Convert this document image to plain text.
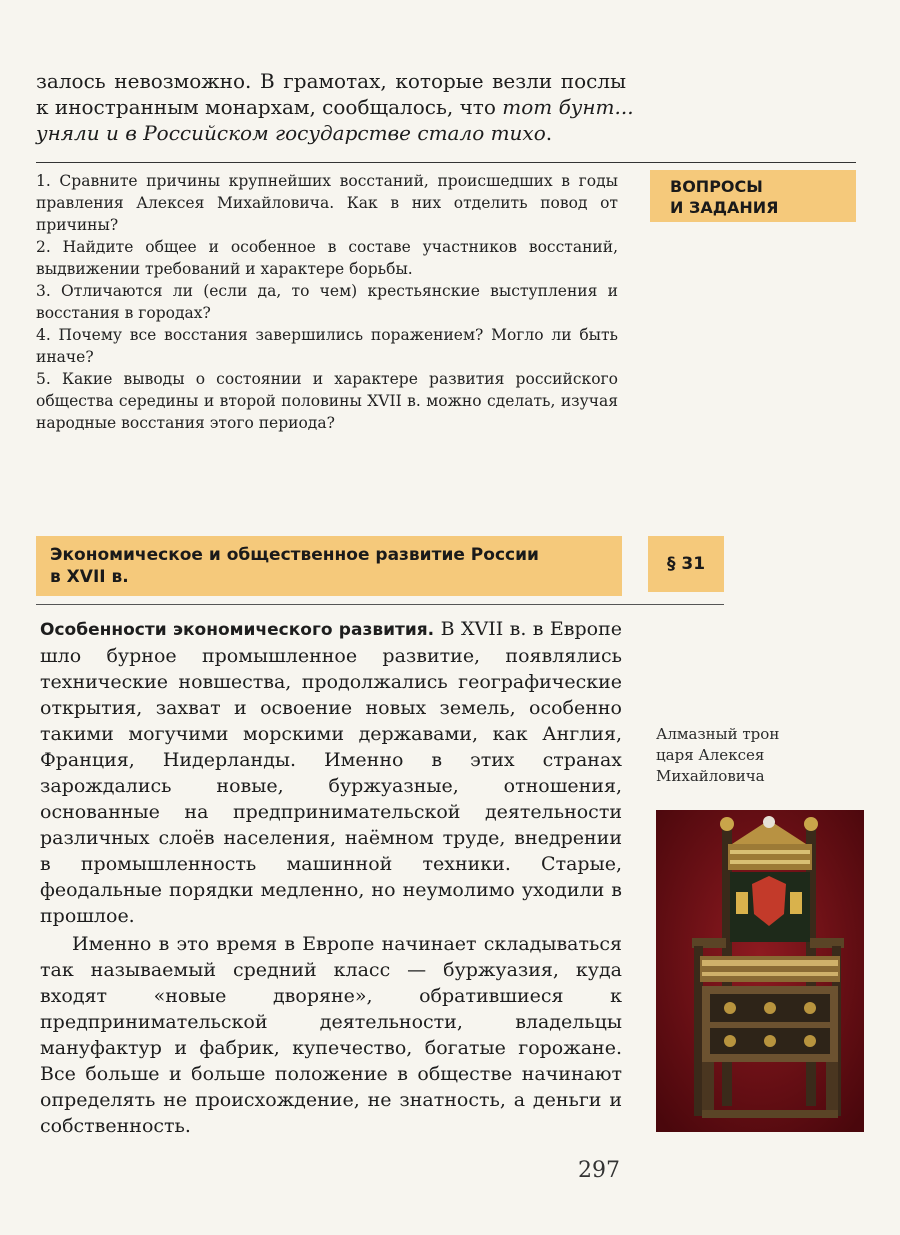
залось невозможно. В грамотах, которые везли послы
к иностранным монархам, сообщалось, что тот бунт...
уняли и в Российском государстве стало тихо.

1. Сравните причины крупнейших восстаний, происшедших в годы правления Алексея Михайловича. Как в них отделить повод от причины?

2. Найдите общее и особенное в составе участников восстаний, выдвижении требований и характере борьбы.

3. Отличаются ли (если да, то чем) крестьянские выступления и восстания в городах?

4. Почему все восстания завершились поражением? Могло ли быть иначе?

5. Какие выводы о состоянии и характере развития российского общества середины и второй половины XVII в. можно сделать, изучая народные восстания этого периода?

ВОПРОСЫ
И ЗАДАНИЯ
Экономическое и общественное развитие России
в XVII в.
§ 31

Особенности экономического развития. В XVII в. в Европе шло бурное промышленное развитие, появлялись технические новшества, продолжались географические открытия, захват и освоение новых земель, особенно такими могучими морскими державами, как Англия, Франция, Нидерланды. Именно в этих странах зарождались новые, буржуазные, отношения, основанные на предпринимательской деятельности различных слоёв населения, наёмном труде, внедрении в промышленность машинной техники. Старые, феодальные порядки медленно, но неумолимо уходили в прошлое.

Именно в это время в Европе начинает складываться так называемый средний класс — буржуазия, куда входят «новые дворяне», обратившиеся к предпринимательской деятельности, владельцы мануфактур и фабрик, купечество, богатые горожане. Все больше и больше положение в обществе начинают определять не происхождение, не знатность, а деньги и собственность.

Алмазный трон
царя Алексея
Михайловича
297
